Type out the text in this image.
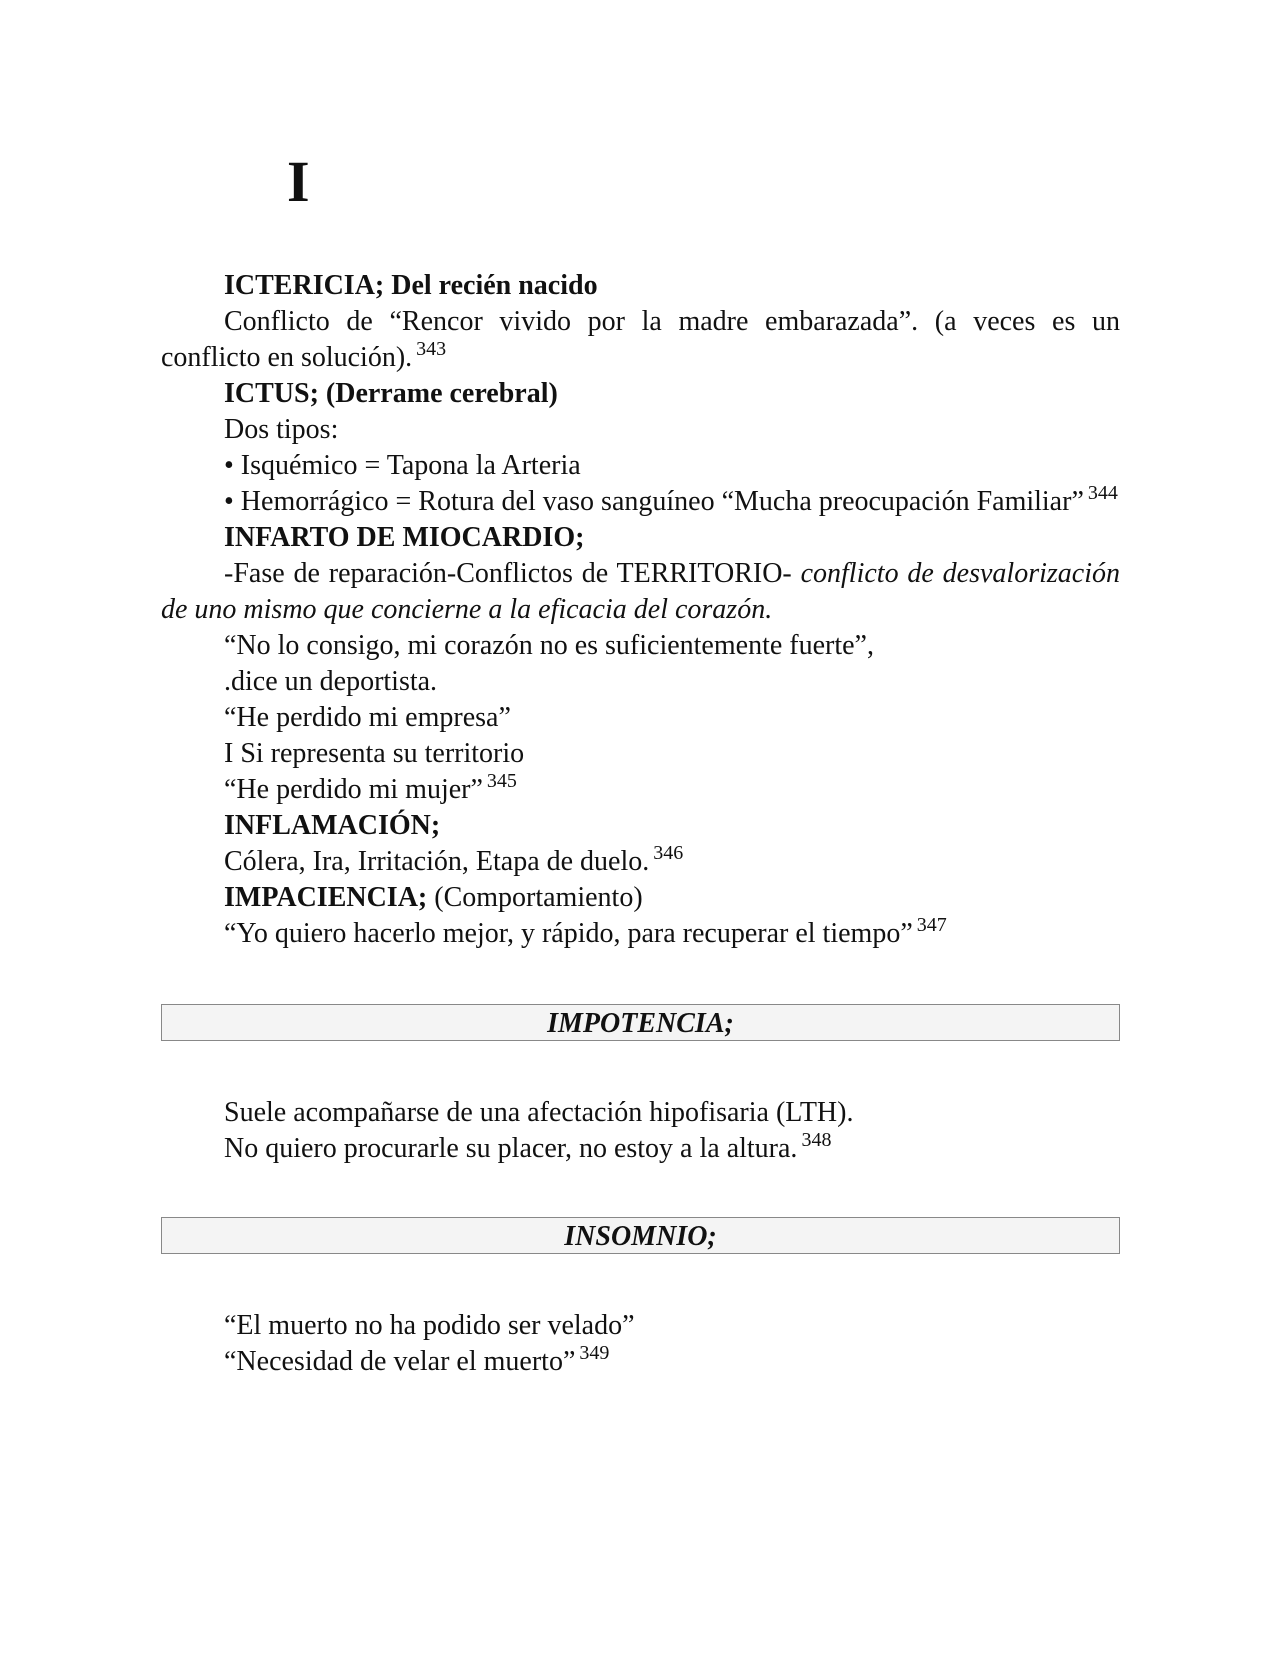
I

ICTERICIA; Del recién nacido

Conflicto de “Rencor vivido por la madre embarazada”. (a veces es un conflicto en solución). $^{343}$

ICTUS; (Derrame cerebral)

Dos tipos:

• Isquémico = Tapona la Arteria

• Hemorrágico = Rotura del vaso sanguíneo “Mucha preocupación Familiar” $^{344}$

INFARTO DE MIOCARDIO;

-Fase de reparación-Conflictos de TERRITORIO- conflicto de desvalorización de uno mismo que concierne a la eficacia del corazón.

“No lo consigo, mi corazón no es suficientemente fuerte”,

.dice un deportista.

“He perdido mi empresa”

I Si representa su territorio

“He perdido mi mujer” $^{345}$

INFLAMACIÓN;

Cólera, Ira, Irritación, Etapa de duelo. $^{346}$

IMPACIENCIA; (Comportamiento)

“Yo quiero hacerlo mejor, y rápido, para recuperar el tiempo” $^{347}$

IMPOTENCIA;

Suele acompañarse de una afectación hipofisaria (LTH).

No quiero procurarle su placer, no estoy a la altura. $^{348}$

INSOMNIO;

“El muerto no ha podido ser velado”

“Necesidad de velar el muerto” $^{349}$
